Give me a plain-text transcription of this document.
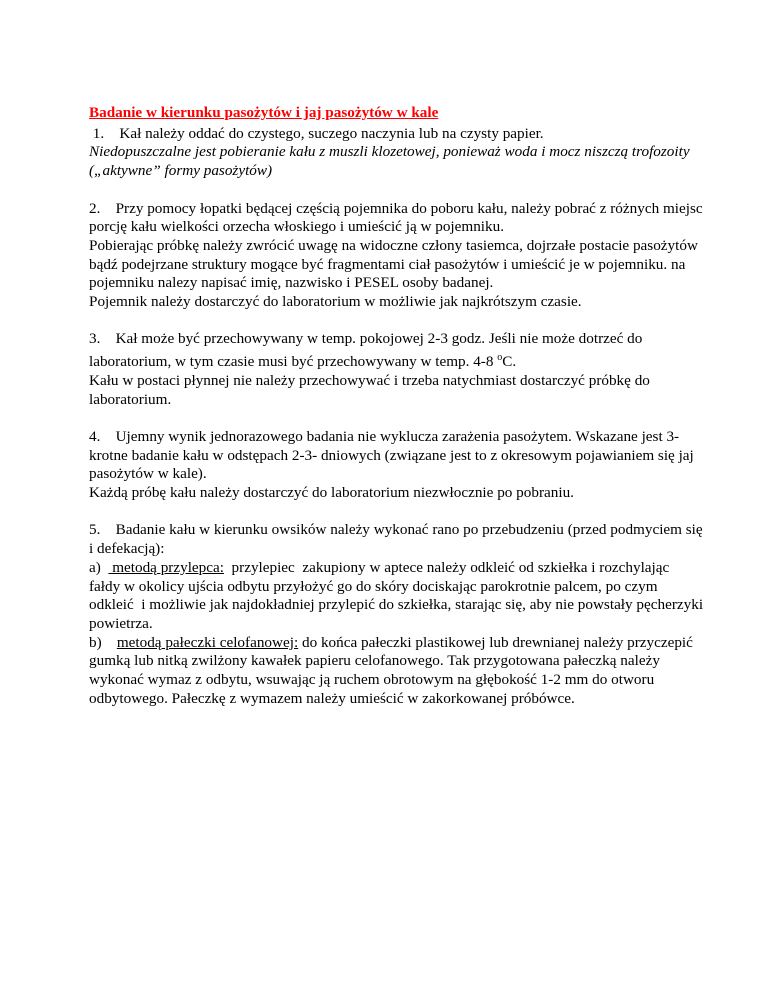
Badanie w kierunku pasożytów i jaj pasożytów w kale

1.    Kał należy oddać do czystego, suczego naczynia lub na czysty papier.

Niedopuszczalne jest pobieranie kału z muszli klozetowej, ponieważ woda i mocz niszczą trofozoity („aktywne” formy pasożytów)

2.    Przy pomocy łopatki będącej częścią pojemnika do poboru kału, należy pobrać z różnych miejsc porcję kału wielkości orzecha włoskiego i umieścić ją w pojemniku.

Pobierając próbkę należy zwrócić uwagę na widoczne człony tasiemca, dojrzałe postacie pasożytów bądź podejrzane struktury mogące być fragmentami ciał pasożytów i umieścić je w pojemniku. na pojemniku nalezy napisać imię, nazwisko i PESEL osoby badanej.

Pojemnik należy dostarczyć do laboratorium w możliwie jak najkrótszym czasie.

3.    Kał może być przechowywany w temp. pokojowej 2-3 godz. Jeśli nie może dotrzeć do laboratorium, w tym czasie musi być przechowywany w temp. 4-8 $^o$C.

Kału w postaci płynnej nie należy przechowywać i trzeba natychmiast dostarczyć próbkę do laboratorium.

4.    Ujemny wynik jednorazowego badania nie wyklucza zarażenia pasożytem. Wskazane jest 3-krotne badanie kału w odstępach 2-3- dniowych (związane jest to z okresowym pojawianiem się jaj pasożytów w kale).

Każdą próbę kału należy dostarczyć do laboratorium niezwłocznie po pobraniu.

5.    Badanie kału w kierunku owsików należy wykonać rano po przebudzeniu (przed podmyciem się i defekacją):

a)   metodą przylepca:  przylepiec  zakupiony w aptece należy odkleić od szkiełka i rozchylając fałdy w okolicy ujścia odbytu przyłożyć go do skóry dociskając parokrotnie palcem, po czym odkleić  i możliwie jak najdokładniej przylepić do szkiełka, starając się, aby nie powstały pęcherzyki powietrza.

b)    metodą pałeczki celofanowej: do końca pałeczki plastikowej lub drewnianej należy przyczepić gumką lub nitką zwilżony kawałek papieru celofanowego. Tak przygotowana pałeczką należy wykonać wymaz z odbytu, wsuwając ją ruchem obrotowym na głębokość 1-2 mm do otworu odbytowego. Pałeczkę z wymazem należy umieścić w zakorkowanej próbówce.
